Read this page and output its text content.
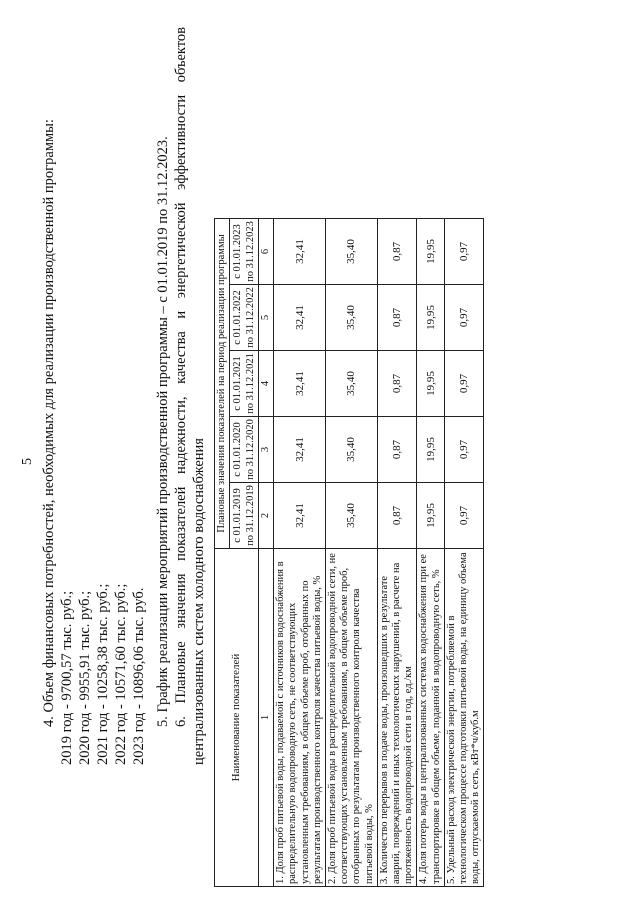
5 4. Объем финансовых потребностей, необходимых для реализации производственной программы: 2019 год - 9700,57 тыс. руб.; 2020 год - 9955,91 тыс. руб.; 2021 год - 10258,38 тыс. руб.; 2022 год - 10571,60 тыс. руб.; 2023 год - 10896,06 тыс. руб. 5. График реализации мероприятий производственной программы – с 01.01.2019 по 31.12.2023. 6. Плановые значения показателей надежности, качества и энергетической эффективности объектов централизованных систем холодного водоснабжения Наименование показателей	Плановые значения показателей на период реализации программы				
	с 01.01.2019 по 31.12.2019	с 01.01.2020 по 31.12.2020	с 01.01.2021 по 31.12.2021	с 01.01.2022 по 31.12.2022	с 01.01.2023 по 31.12.2023
1	2	3	4	5	6
1. Доля проб питьевой воды, подаваемой с источников водоснабжения в распределительную водопроводную сеть, не соответствующих установленным требованиям, в общем объеме проб, отобранных по результатам производственного контроля качества питьевой воды, %	32,41	32,41	32,41	32,41	32,41
2. Доля проб питьевой воды в распределительной водопроводной сети, не соответствующих установленным требованиям, в общем объеме проб, отобранных по результатам производственного контроля качества питьевой воды, %	35,40	35,40	35,40	35,40	35,40
3. Количество перерывов в подаче воды, произошедших в результате аварий, повреждений и иных технологических нарушений, в расчете на протяженность водопроводной сети в год, ед./км	0,87	0,87	0,87	0,87	0,87
4. Доля потерь воды в централизованных системах водоснабжения при ее транспортировке в общем объеме, поданной в водопроводную сеть, %	19,95	19,95	19,95	19,95	19,95
5. Удельный расход электрической энергии, потребляемой в технологическом процессе подготовки питьевой воды, на единицу объема воды, отпускаемой в сеть, кВт*ч/куб.м	0,97	0,97	0,97	0,97	0,97
